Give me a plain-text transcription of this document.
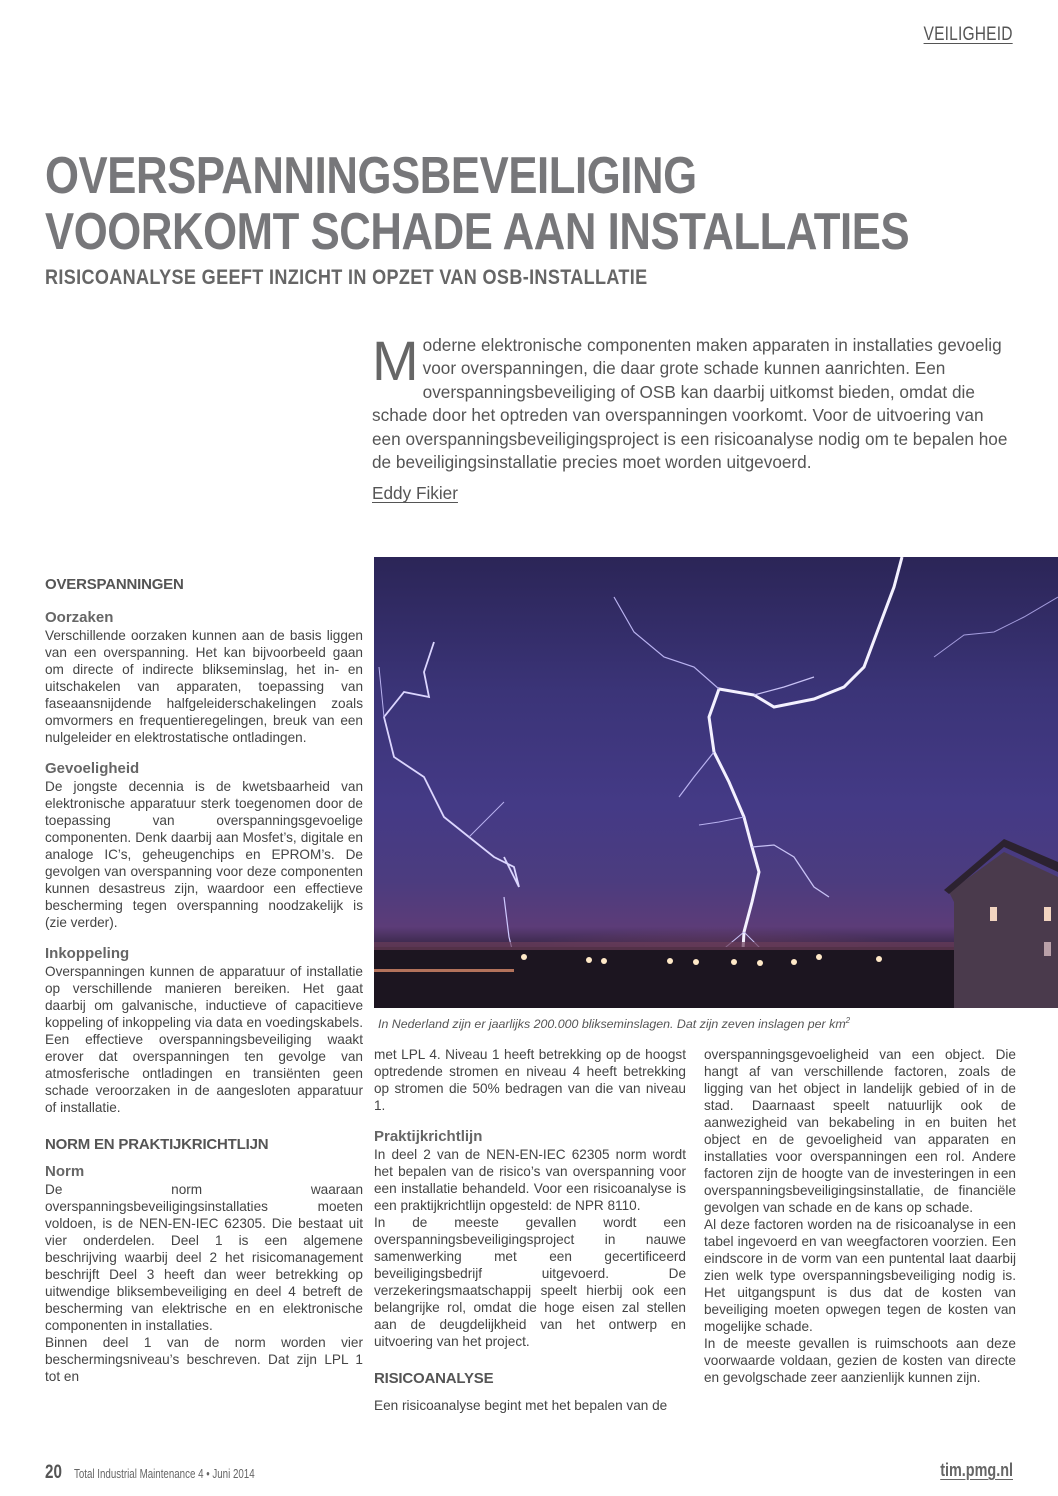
VEILIGHEID
OVERSPANNINGSBEVEILIGING
VOORKOMT SCHADE AAN INSTALLATIES
RISICOANALYSE GEEFT INZICHT IN OPZET VAN OSB-INSTALLATIE
M oderne elektronische componenten maken apparaten in installaties gevoelig voor overspanningen, die daar grote schade kunnen aanrichten. Een overspanningsbeveiliging of OSB kan daarbij uitkomst bieden, omdat die schade door het optreden van overspanningen voorkomt. Voor de uitvoering van een overspanningsbeveiligingsproject is een risicoanalyse nodig om te bepalen hoe de beveiligingsinstallatie precies moet worden uitgevoerd.
Eddy Fikier
In Nederland zijn er jaarlijks 200.000 blikseminslagen. Dat zijn zeven inslagen per $km^2$
OVERSPANNINGEN
Oorzaken

Verschillende oorzaken kunnen aan de basis liggen van een overspanning. Het kan bijvoorbeeld gaan om directe of indirecte blikseminslag, het in- en uitschakelen van apparaten, toepassing van faseaansnijdende halfgeleiderschakelingen zoals omvormers en frequentieregelingen, breuk van een nulgeleider en elektrostatische ontladingen.

Gevoeligheid

De jongste decennia is de kwetsbaarheid van elektronische apparatuur sterk toegenomen door de toepassing van overspanningsgevoelige componenten. Denk daarbij aan Mosfet’s, digitale en analoge IC’s, geheugenchips en EPROM’s. De gevolgen van overspanning voor deze componenten kunnen desastreus zijn, waardoor een effectieve bescherming tegen overspanning noodzakelijk is (zie verder).

Inkoppeling

Overspanningen kunnen de apparatuur of installatie op verschillende manieren bereiken. Het gaat daarbij om galvanische, inductieve of capacitieve koppeling of inkoppeling via data en voedingskabels. Een effectieve overspanningsbeveiliging waakt erover dat overspanningen ten gevolge van atmosferische ontladingen en transiënten geen schade veroorzaken in de aangesloten apparatuur of installatie.

NORM EN PRAKTIJKRICHTLIJN
Norm

De norm waaraan overspanningsbeveiligingsinstallaties moeten voldoen, is de NEN-EN-IEC 62305. Die bestaat uit vier onderdelen. Deel 1 is een algemene beschrijving waarbij deel 2 het risicomanagement beschrijft Deel 3 heeft dan weer betrekking op uitwendige bliksembeveiliging en deel 4 betreft de bescherming van elektrische en en elektronische componenten in installaties.

Binnen deel 1 van de norm worden vier beschermingsniveau’s beschreven. Dat zijn LPL 1 tot en

met LPL 4. Niveau 1 heeft betrekking op de hoogst optredende stromen en niveau 4 heeft betrekking op stromen die 50% bedragen van die van niveau 1.

Praktijkrichtlijn

In deel 2 van de NEN-EN-IEC 62305 norm wordt het bepalen van de risico’s van overspanning voor een installatie behandeld. Voor een risicoanalyse is een praktijkrichtlijn opgesteld: de NPR 8110.

In de meeste gevallen wordt een overspanningsbeveiligingsproject in nauwe samenwerking met een gecertificeerd beveiligingsbedrijf uitgevoerd. De verzekeringsmaatschappij speelt hierbij ook een belangrijke rol, omdat die hoge eisen zal stellen aan de deugdelijkheid van het ontwerp en uitvoering van het project.

RISICOANALYSE

Een risicoanalyse begint met het bepalen van de

overspanningsgevoeligheid van een object. Die hangt af van verschillende factoren, zoals de ligging van het object in landelijk gebied of in de stad. Daarnaast speelt natuurlijk ook de aanwezigheid van bekabeling in en buiten het object en de gevoeligheid van apparaten en installaties voor overspanningen een rol. Andere factoren zijn de hoogte van de investeringen in een overspanningsbeveiligingsinstallatie, de financiële gevolgen van schade en de kans op schade.

Al deze factoren worden na de risicoanalyse in een tabel ingevoerd en van weegfactoren voorzien. Een eindscore in de vorm van een puntental laat daarbij zien welk type overspanningsbeveiliging nodig is. Het uitgangspunt is dus dat de kosten van beveiliging moeten opwegen tegen de kosten van mogelijke schade.

In de meeste gevallen is ruimschoots aan deze voorwaarde voldaan, gezien de kosten van directe en gevolgschade zeer aanzienlijk kunnen zijn.

20 Total Industrial Maintenance 4 • Juni 2014	tim.pmg.nl
